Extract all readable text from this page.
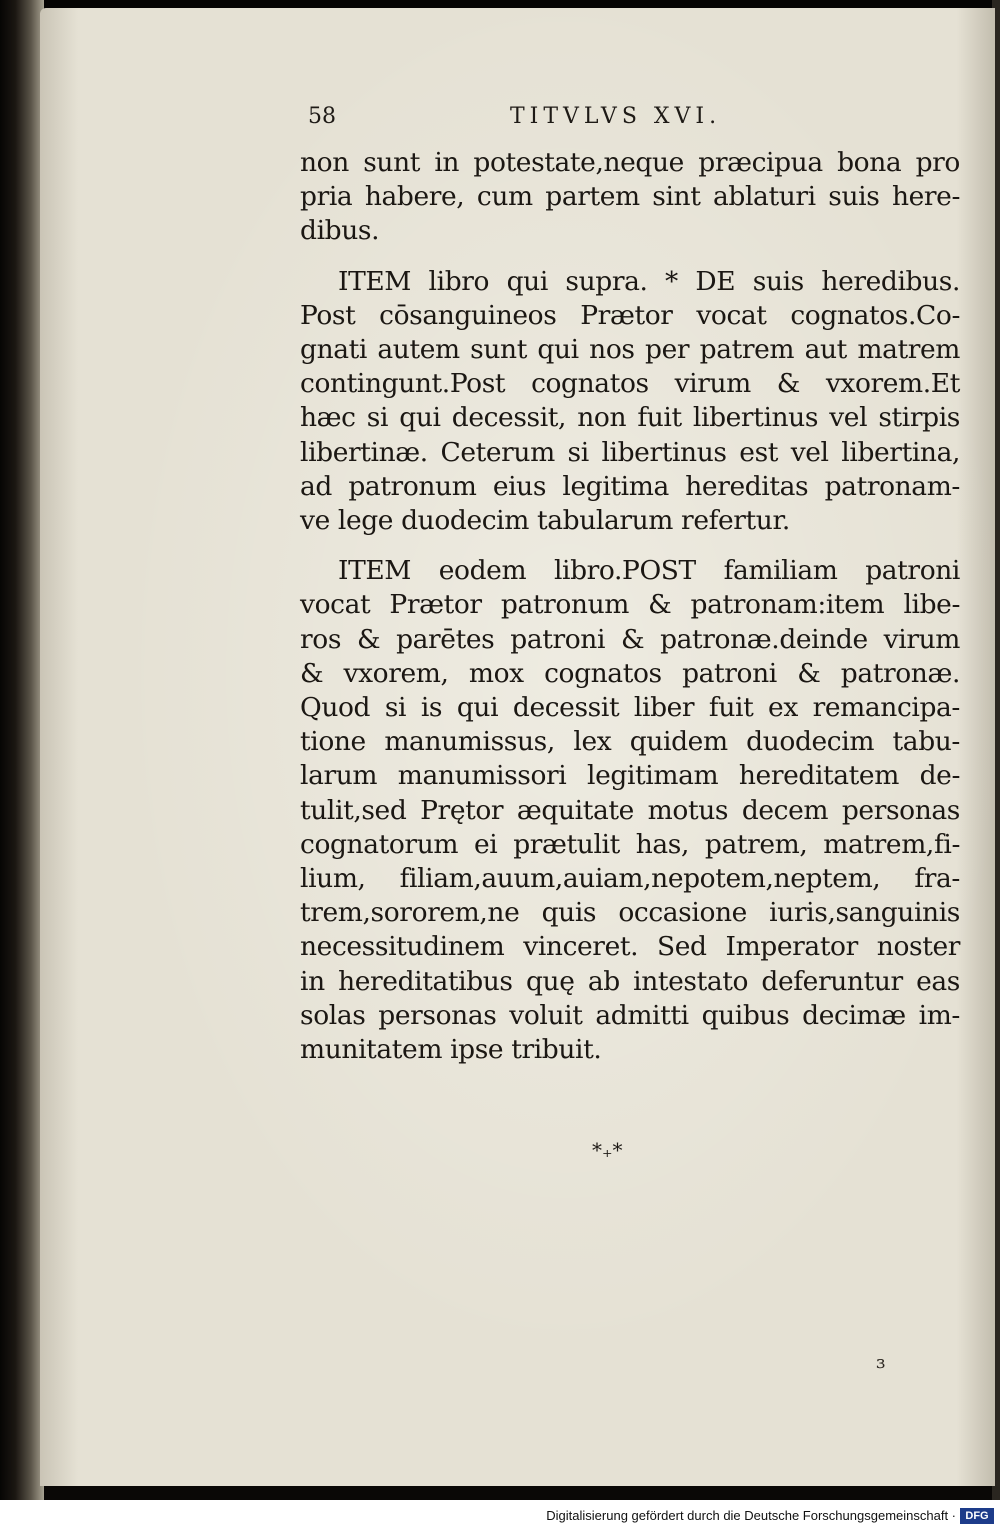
58	TITVLVS XVI.
non sunt in potestate,neque præcipua bona pro
pria habere, cum partem sint ablaturi suis here-
dibus.
ITEM libro qui supra. * DE suis heredibus.
Post cōsanguineos Prætor vocat cognatos.Co-
gnati autem sunt qui nos per patrem aut matrem
contingunt.Post cognatos virum & vxorem.Et
hæc si qui decessit, non fuit libertinus vel stirpis
libertinæ. Ceterum si libertinus est vel libertina,
ad patronum eius legitima hereditas patronam-
ve lege duodecim tabularum refertur.
ITEM eodem libro.POST familiam patroni
vocat Prætor patronum & patronam:item libe-
ros & parētes patroni & patronæ.deinde virum
& vxorem, mox cognatos patroni & patronæ.
Quod si is qui decessit liber fuit ex remancipa-
tione manumissus, lex quidem duodecim tabu-
larum manumissori legitimam hereditatem de-
tulit,sed Prętor æquitate motus decem personas
cognatorum ei prætulit has, patrem, matrem,fi-
lium, filiam,auum,auiam,nepotem,neptem, fra-
trem,sororem,ne quis occasione iuris,sanguinis
necessitudinem vinceret. Sed Imperator noster
in hereditatibus quę ab intestato deferuntur eas
solas personas voluit admitti quibus decimæ im-
munitatem ipse tribuit.
*₊*
ɜ
Digitalisierung gefördert durch die Deutsche Forschungsgemeinschaft · DFG
